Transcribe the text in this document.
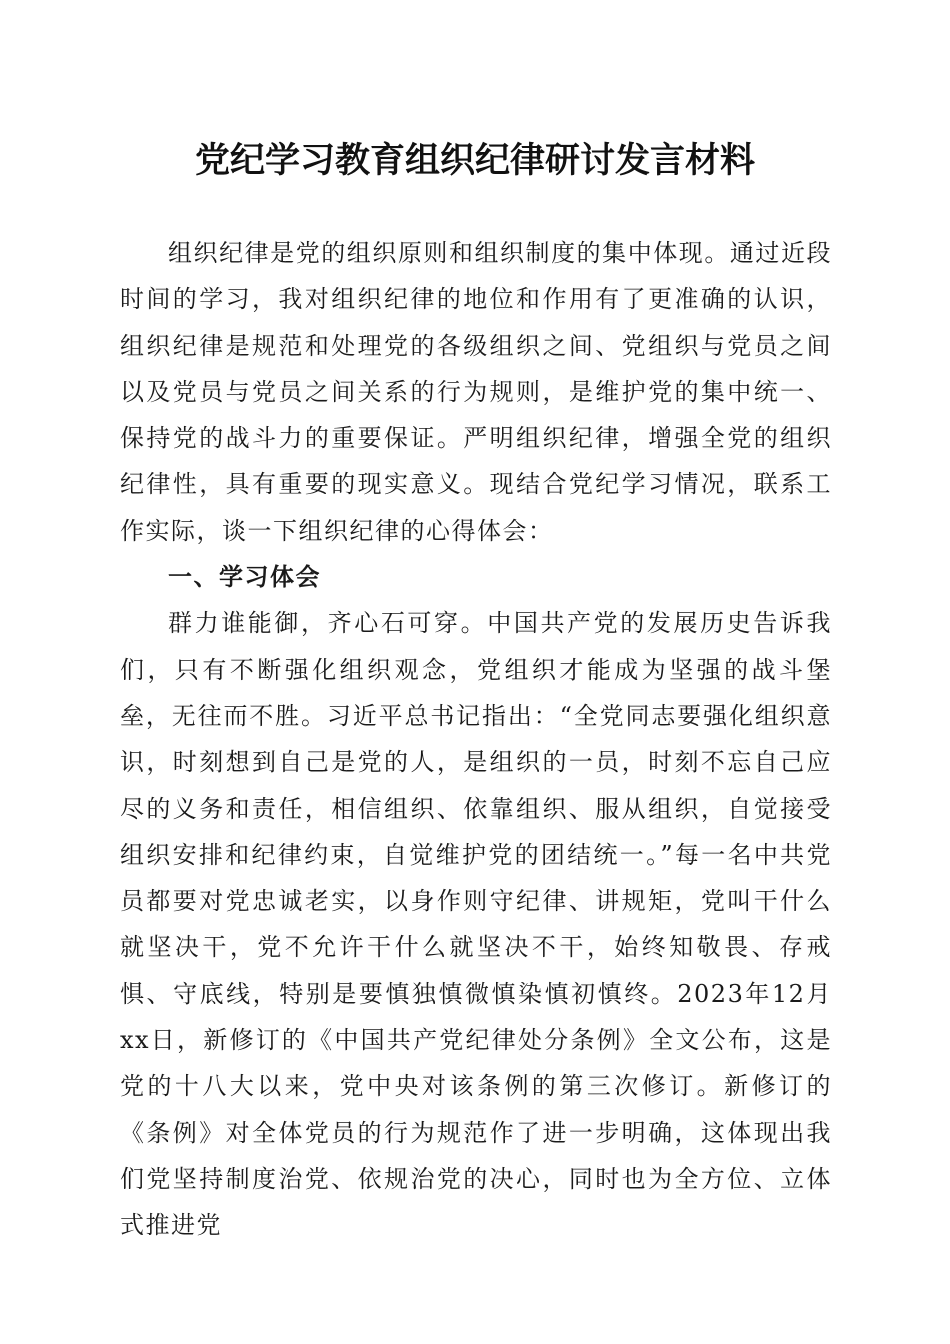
党纪学习教育组织纪律研讨发言材料

组织纪律是党的组织原则和组织制度的集中体现。通过近段时间的学习，我对组织纪律的地位和作用有了更准确的认识，组织纪律是规范和处理党的各级组织之间、党组织与党员之间以及党员与党员之间关系的行为规则，是维护党的集中统一、保持党的战斗力的重要保证。严明组织纪律，增强全党的组织纪律性，具有重要的现实意义。现结合党纪学习情况，联系工作实际，谈一下组织纪律的心得体会：

一、学习体会

群力谁能御，齐心石可穿。中国共产党的发展历史告诉我们，只有不断强化组织观念，党组织才能成为坚强的战斗堡垒，无往而不胜。习近平总书记指出：“全党同志要强化组织意识，时刻想到自己是党的人，是组织的一员，时刻不忘自己应尽的义务和责任，相信组织、依靠组织、服从组织，自觉接受组织安排和纪律约束，自觉维护党的团结统一。”每一名中共党员都要对党忠诚老实，以身作则守纪律、讲规矩，党叫干什么就坚决干，党不允许干什么就坚决不干，始终知敬畏、存戒惧、守底线，特别是要慎独慎微慎染慎初慎终。2023年12月xx日，新修订的《中国共产党纪律处分条例》全文公布，这是党的十八大以来，党中央对该条例的第三次修订。新修订的《条例》对全体党员的行为规范作了进一步明确，这体现出我们党坚持制度治党、依规治党的决心，同时也为全方位、立体式推进党
